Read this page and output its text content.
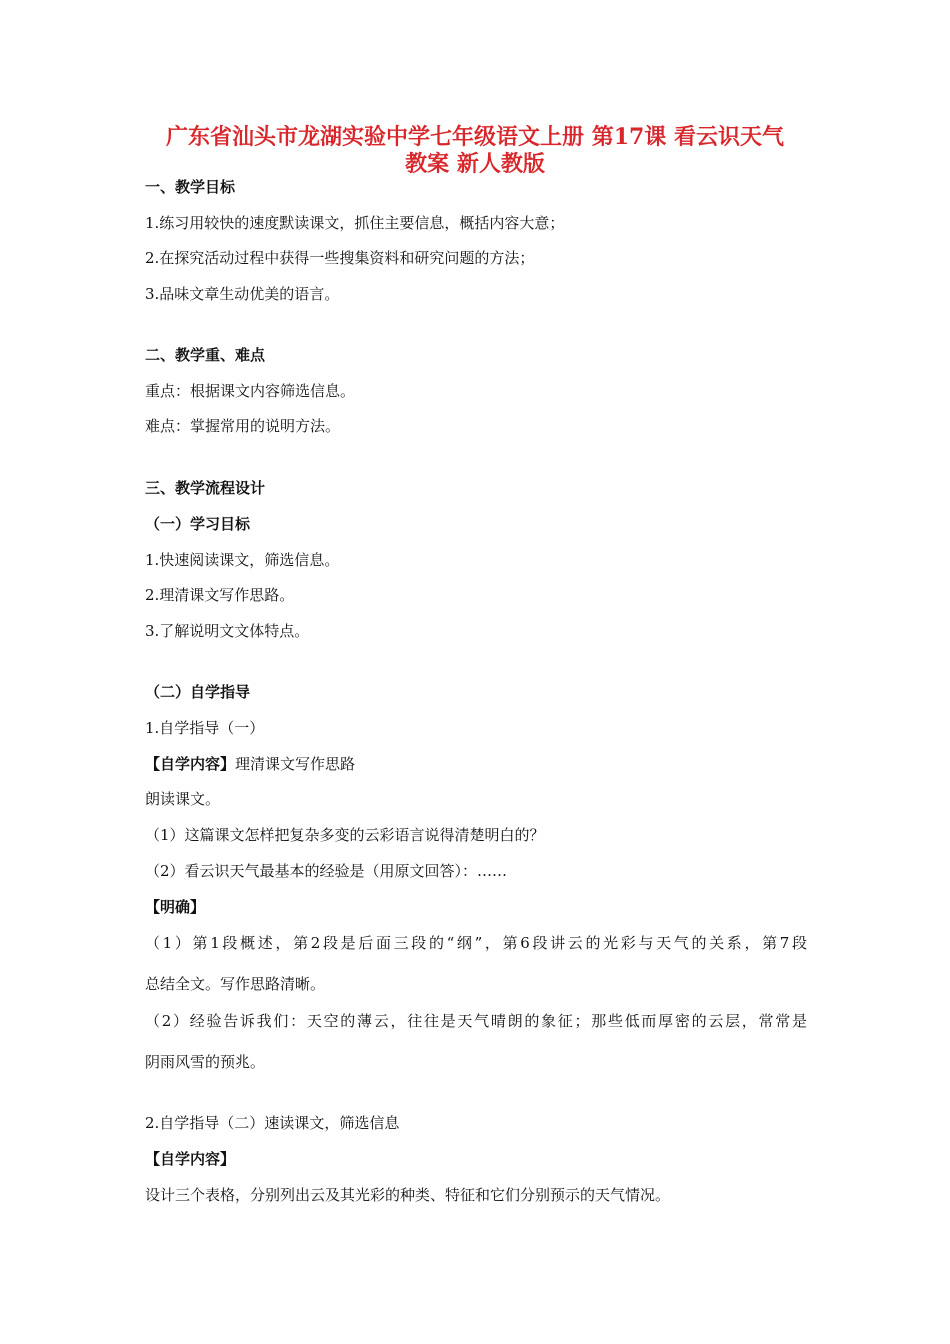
广东省汕头市龙湖实验中学七年级语文上册 第17课 看云识天气
教案 新人教版

一、教学目标

1.练习用较快的速度默读课文，抓住主要信息，概括内容大意；

2.在探究活动过程中获得一些搜集资料和研究问题的方法；

3.品味文章生动优美的语言。

二、教学重、难点

重点：根据课文内容筛选信息。

难点：掌握常用的说明方法。

三、教学流程设计

（一）学习目标

1.快速阅读课文，筛选信息。

2.理清课文写作思路。

3.了解说明文文体特点。

（二）自学指导

1.自学指导（一）

【自学内容】理清课文写作思路

朗读课文。

（1）这篇课文怎样把复杂多变的云彩语言说得清楚明白的？

（2）看云识天气最基本的经验是（用原文回答）：……

【明确】

（1）第1段概述，第2段是后面三段的“纲”，第6段讲云的光彩与天气的关系，第7段

总结全文。写作思路清晰。

（2）经验告诉我们：天空的薄云，往往是天气晴朗的象征；那些低而厚密的云层，常常是

阴雨风雪的预兆。

2.自学指导（二）速读课文，筛选信息

【自学内容】

设计三个表格，分别列出云及其光彩的种类、特征和它们分别预示的天气情况。
